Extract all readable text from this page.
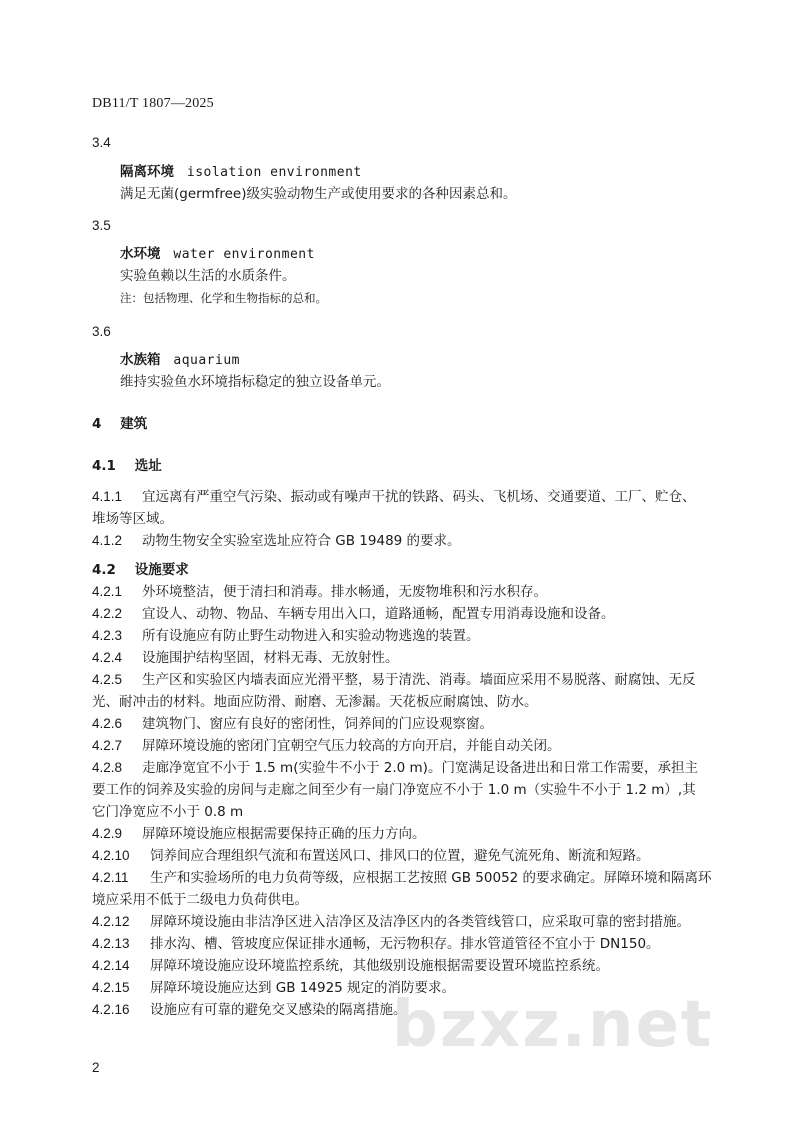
DB11/T 1807—2025
3.4
隔离环境 isolation environment
满足无菌(germfree)级实验动物生产或使用要求的各种因素总和。
3.5
水环境 water environment
实验鱼赖以生活的水质条件。
注：包括物理、化学和生物指标的总和。
3.6
水族箱 aquarium
维持实验鱼水环境指标稳定的独立设备单元。
4 建筑
4.1 选址
4.1.1 宜远离有严重空气污染、振动或有噪声干扰的铁路、码头、飞机场、交通要道、工厂、贮仓、
堆场等区域。
4.1.2 动物生物安全实验室选址应符合 GB 19489 的要求。
4.2 设施要求
4.2.1 外环境整洁，便于清扫和消毒。排水畅通，无废物堆积和污水积存。
4.2.2 宜设人、动物、物品、车辆专用出入口，道路通畅，配置专用消毒设施和设备。
4.2.3 所有设施应有防止野生动物进入和实验动物逃逸的装置。
4.2.4 设施围护结构坚固，材料无毒、无放射性。
4.2.5 生产区和实验区内墙表面应光滑平整，易于清洗、消毒。墙面应采用不易脱落、耐腐蚀、无反
光、耐冲击的材料。地面应防滑、耐磨、无渗漏。天花板应耐腐蚀、防水。
4.2.6 建筑物门、窗应有良好的密闭性，饲养间的门应设观察窗。
4.2.7 屏障环境设施的密闭门宜朝空气压力较高的方向开启，并能自动关闭。
4.2.8 走廊净宽宜不小于 1.5 m(实验牛不小于 2.0 m)。门宽满足设备进出和日常工作需要，承担主
要工作的饲养及实验的房间与走廊之间至少有一扇门净宽应不小于 1.0 m（实验牛不小于 1.2 m）,其
它门净宽应不小于 0.8 m
4.2.9 屏障环境设施应根据需要保持正确的压力方向。
4.2.10 饲养间应合理组织气流和布置送风口、排风口的位置，避免气流死角、断流和短路。
4.2.11 生产和实验场所的电力负荷等级，应根据工艺按照 GB 50052 的要求确定。屏障环境和隔离环
境应采用不低于二级电力负荷供电。
4.2.12 屏障环境设施由非洁净区进入洁净区及洁净区内的各类管线管口，应采取可靠的密封措施。
4.2.13 排水沟、槽、管坡度应保证排水通畅，无污物积存。排水管道管径不宜小于 DN150。
4.2.14 屏障环境设施应设环境监控系统，其他级别设施根据需要设置环境监控系统。
4.2.15 屏障环境设施应达到 GB 14925 规定的消防要求。
4.2.16 设施应有可靠的避免交叉感染的隔离措施。
bzxz.net
2
